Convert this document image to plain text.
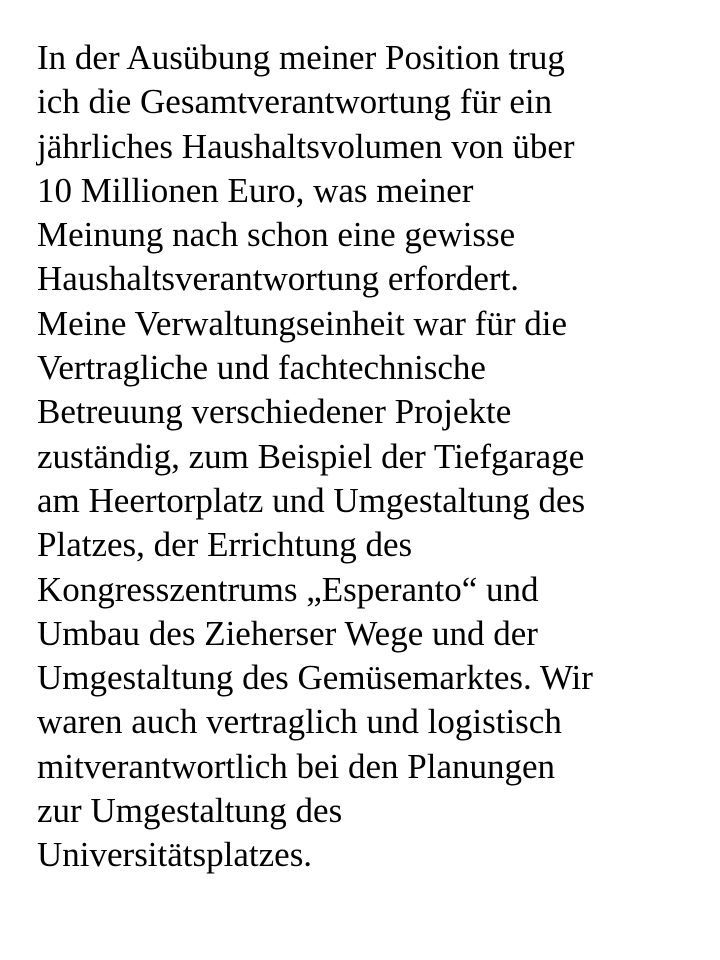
In der Ausübung meiner Position trug
ich die Gesamtverantwortung für ein
jährliches Haushaltsvolumen von über
10 Millionen Euro, was meiner
Meinung nach schon eine gewisse
Haushaltsverantwortung erfordert.
Meine Verwaltungseinheit war für die
Vertragliche und fachtechnische
Betreuung verschiedener Projekte
zuständig, zum Beispiel der Tiefgarage
am Heertorplatz und Umgestaltung des
Platzes, der Errichtung des
Kongresszentrums „Esperanto“ und
Umbau des Zieherser Wege und der
Umgestaltung des Gemüsemarktes. Wir
waren auch vertraglich und logistisch
mitverantwortlich bei den Planungen
zur Umgestaltung des
Universitätsplatzes.
